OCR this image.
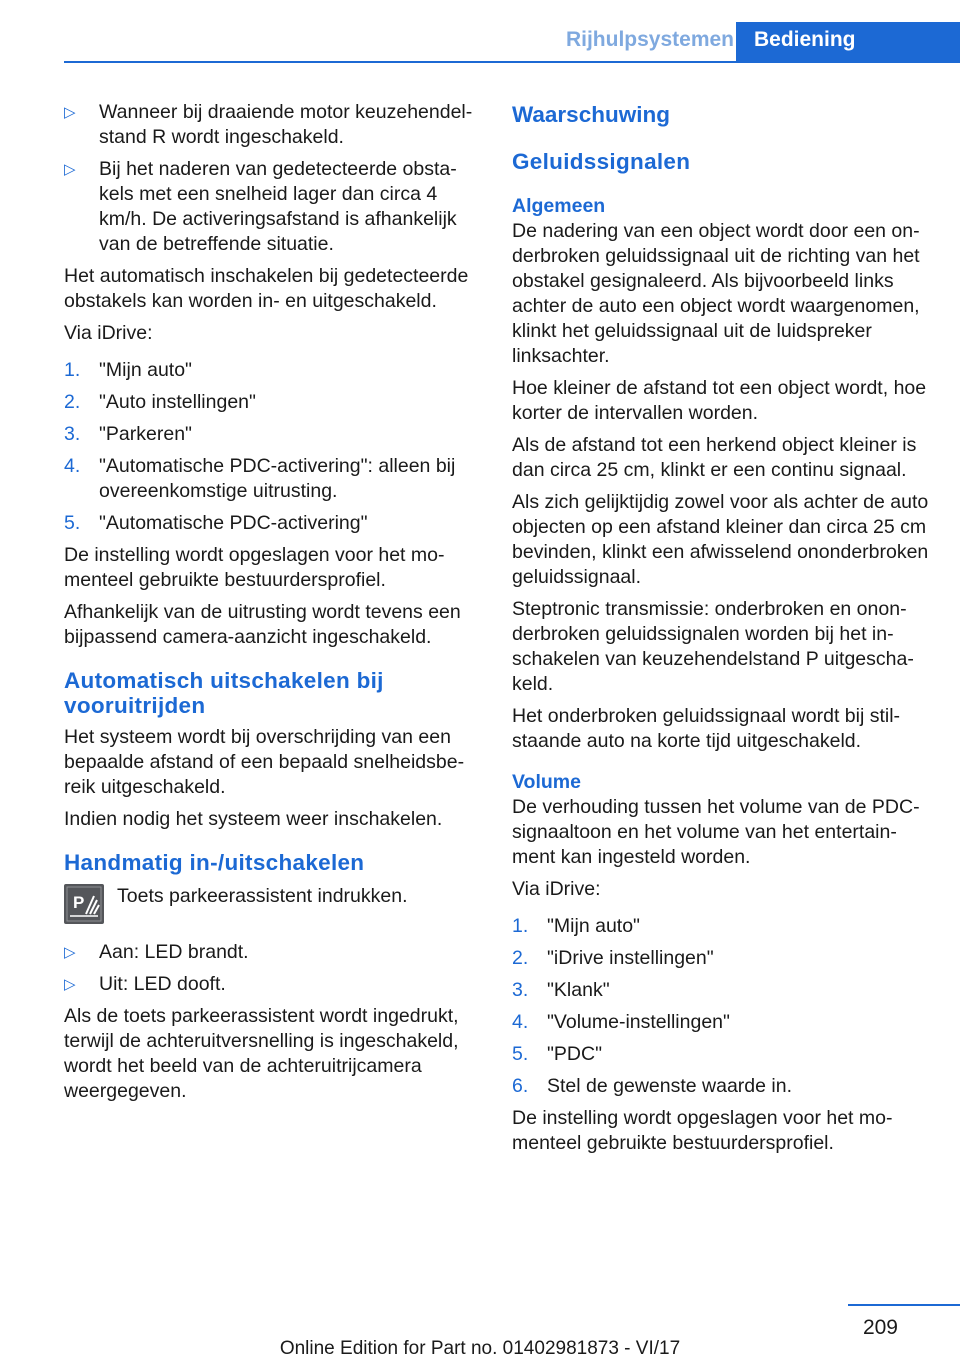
Rijhulpsystemen Bediening
▷ Wanneer bij draaiende motor keuzehendelstand R wordt ingeschakeld.
▷ Bij het naderen van gedetecteerde obstakels met een snelheid lager dan circa 4 km/h. De activeringsafstand is afhankelijk van de betreffende situatie.

Het automatisch inschakelen bij gedetecteerde obstakels kan worden in- en uitgeschakeld.

Via iDrive:

1. "Mijn auto"
2. "Auto instellingen"
3. "Parkeren"
4. "Automatische PDC-activering": alleen bij overeenkomstige uitrusting.
5. "Automatische PDC-activering"

De instelling wordt opgeslagen voor het momenteel gebruikte bestuurdersprofiel.

Afhankelijk van de uitrusting wordt tevens een bijpassend camera-aanzicht ingeschakeld.

Automatisch uitschakelen bij vooruitrijden

Het systeem wordt bij overschrijding van een bepaalde afstand of een bepaald snelheidsbereik uitgeschakeld.

Indien nodig het systeem weer inschakelen.

Handmatig in-/uitschakelen
P	Toets parkeerassistent indrukken.
▷ Aan: LED brandt.
▷ Uit: LED dooft.

Als de toets parkeerassistent wordt ingedrukt, terwijl de achteruitversnelling is ingeschakeld, wordt het beeld van de achteruitrijcamera weergegeven.

Waarschuwing
Geluidssignalen
Algemeen

De nadering van een object wordt door een onderbroken geluidssignaal uit de richting van het obstakel gesignaleerd. Als bijvoorbeeld links achter de auto een object wordt waargenomen, klinkt het geluidssignaal uit de luidspreker linksachter.

Hoe kleiner de afstand tot een object wordt, hoe korter de intervallen worden.

Als de afstand tot een herkend object kleiner is dan circa 25 cm, klinkt er een continu signaal.

Als zich gelijktijdig zowel voor als achter de auto objecten op een afstand kleiner dan circa 25 cm bevinden, klinkt een afwisselend ononderbroken geluidssignaal.

Steptronic transmissie: onderbroken en ononderbroken geluidssignalen worden bij het inschakelen van keuzehendelstand P uitgeschakeld.

Het onderbroken geluidssignaal wordt bij stilstaande auto na korte tijd uitgeschakeld.

Volume

De verhouding tussen het volume van de PDC-signaaltoon en het volume van het entertainment kan ingesteld worden.

Via iDrive:

1. "Mijn auto"
2. "iDrive instellingen"
3. "Klank"
4. "Volume-instellingen"
5. "PDC"
6. Stel de gewenste waarde in.

De instelling wordt opgeslagen voor het momenteel gebruikte bestuurdersprofiel.

209
Online Edition for Part no. 01402981873 - VI/17
